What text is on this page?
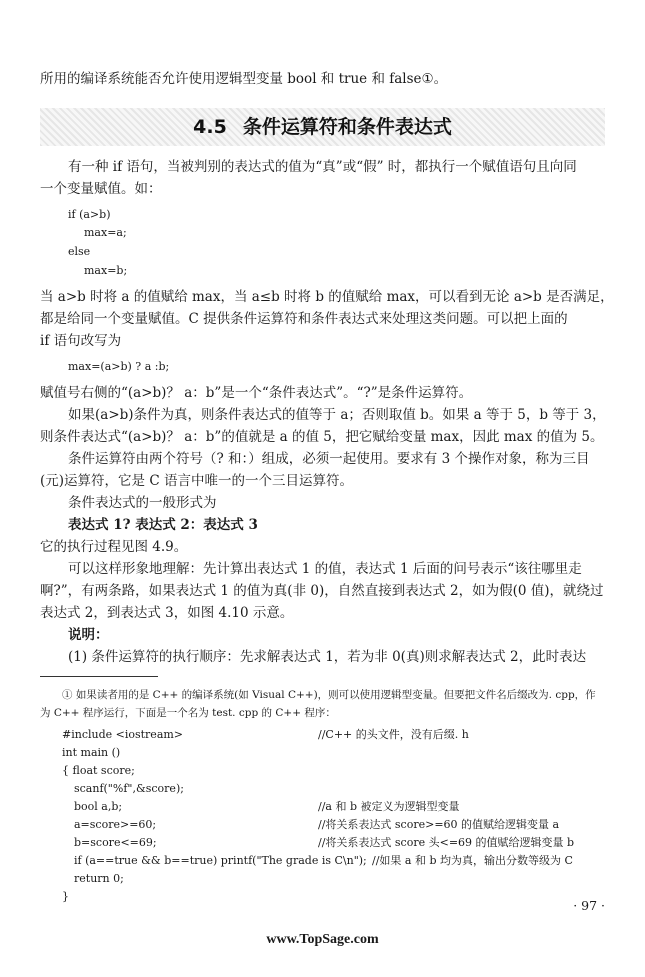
所用的编译系统能否允许使用逻辑型变量 bool 和 true 和 false①。
4.5 条件运算符和条件表达式
有一种 if 语句，当被判别的表达式的值为“真”或“假” 时，都执行一个赋值语句且向同
一个变量赋值。如：
if (a>b)
max=a;
else
max=b;
当 a>b 时将 a 的值赋给 max，当 a≤b 时将 b 的值赋给 max，可以看到无论 a>b 是否满足，
都是给同一个变量赋值。C 提供条件运算符和条件表达式来处理这类问题。可以把上面的
if 语句改写为
max=(a>b) ? a :b;
赋值号右侧的“(a>b)？ a：b”是一个“条件表达式”。“?”是条件运算符。
如果(a>b)条件为真，则条件表达式的值等于 a；否则取值 b。如果 a 等于 5，b 等于 3，
则条件表达式“(a>b)？ a：b”的值就是 a 的值 5，把它赋给变量 max，因此 max 的值为 5。
条件运算符由两个符号（? 和：）组成，必须一起使用。要求有 3 个操作对象，称为三目
(元)运算符，它是 C 语言中唯一的一个三目运算符。
条件表达式的一般形式为
表达式 1? 表达式 2：表达式 3
它的执行过程见图 4.9。
可以这样形象地理解：先计算出表达式 1 的值，表达式 1 后面的问号表示“该往哪里走
啊?”，有两条路，如果表达式 1 的值为真(非 0)，自然直接到表达式 2，如为假(0 值)，就绕过
表达式 2，到表达式 3，如图 4.10 示意。
说明：
(1) 条件运算符的执行顺序：先求解表达式 1，若为非 0(真)则求解表达式 2，此时表达
① 如果读者用的是 C++ 的编译系统(如 Visual C++)，则可以使用逻辑型变量。但要把文件名后缀改为. cpp，作
为 C++ 程序运行，下面是一个名为 test. cpp 的 C++ 程序：
#include <iostream>	//C++ 的头文件，没有后缀. h
int main ()
{ float score;
scanf("%f",&score);
bool a,b;	//a 和 b 被定义为逻辑型变量
a=score>=60;	//将关系表达式 score>=60 的值赋给逻辑变量 a
b=score<=69;	//将关系表达式 score 头<=69 的值赋给逻辑变量 b
if (a==true && b==true) printf("The grade is C\n"); //如果 a 和 b 均为真，输出分数等级为 C
return 0;
}
· 97 ·
www.TopSage.com
